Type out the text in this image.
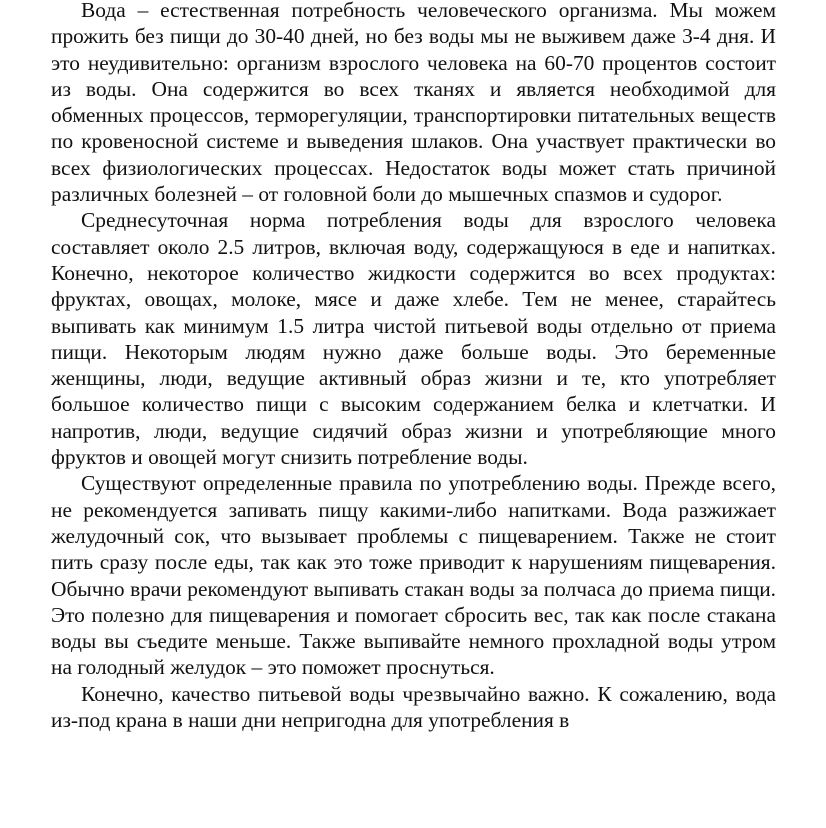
Вода – естественная потребность человеческого организма. Мы можем прожить без пищи до 30-40 дней, но без воды мы не выживем даже 3-4 дня. И это неудивительно: организм взрослого человека на 60-70 процентов состоит из воды. Она содержится во всех тканях и является необходимой для обменных процессов, терморегуляции, транспортировки питательных веществ по кровеносной системе и выведения шлаков. Она участвует практически во всех физиологических процессах. Недостаток воды может стать причиной различных болезней – от головной боли до мышечных спазмов и судорог.

Среднесуточная норма потребления воды для взрослого человека составляет около 2.5 литров, включая воду, содержащуюся в еде и напитках. Конечно, некоторое количество жидкости содержится во всех продуктах: фруктах, овощах, молоке, мясе и даже хлебе. Тем не менее, старайтесь выпивать как минимум 1.5 литра чистой питьевой воды отдельно от приема пищи. Некоторым людям нужно даже больше воды. Это беременные женщины, люди, ведущие активный образ жизни и те, кто употребляет большое количество пищи с высоким содержанием белка и клетчатки. И напротив, люди, ведущие сидячий образ жизни и употребляющие много фруктов и овощей могут снизить потребление воды.

Существуют определенные правила по употреблению воды. Прежде всего, не рекомендуется запивать пищу какими-либо напитками. Вода разжижает желудочный сок, что вызывает проблемы с пищеварением. Также не стоит пить сразу после еды, так как это тоже приводит к нарушениям пищеварения. Обычно врачи рекомендуют выпивать стакан воды за полчаса до приема пищи. Это полезно для пищеварения и помогает сбросить вес, так как после стакана воды вы съедите меньше. Также выпивайте немного прохладной воды утром на голодный желудок – это поможет проснуться.

Конечно, качество питьевой воды чрезвычайно важно. К сожалению, вода из-под крана в наши дни непригодна для употребления в
